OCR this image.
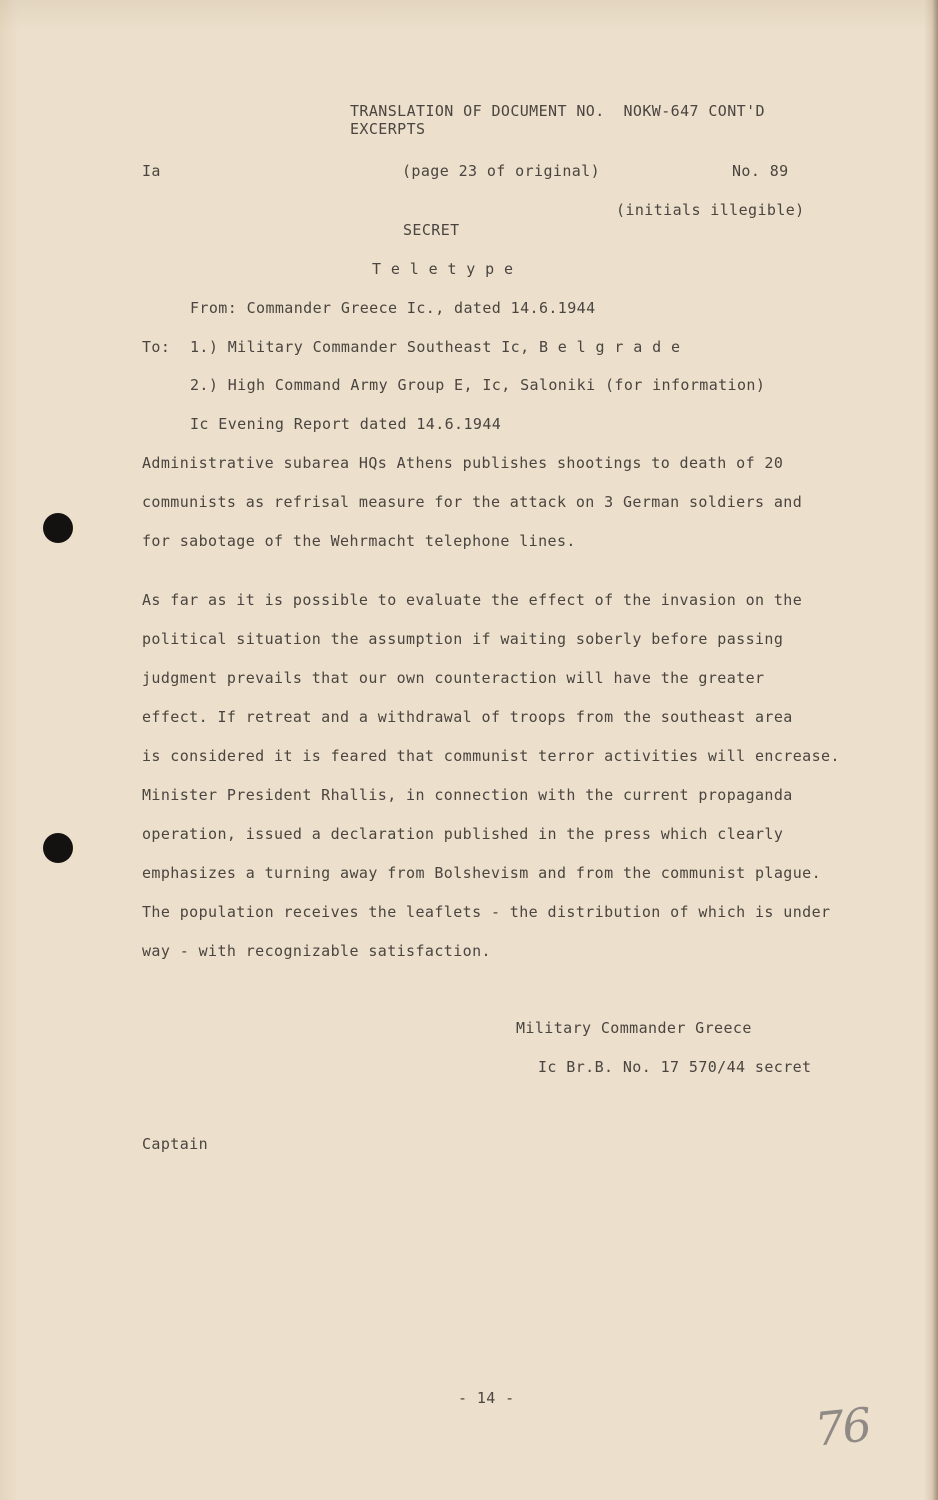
TRANSLATION OF DOCUMENT NO.  NOKW-647 CONT'D
EXCERPTS
Ia	(page 23 of original)	No. 89
(initials illegible)
SECRET
T e l e t y p e
From: Commander Greece Ic., dated 14.6.1944
To: 1.) Military Commander Southeast Ic, B e l g r a d e
2.) High Command Army Group E, Ic, Saloniki (for information)
Ic Evening Report dated 14.6.1944
Administrative subarea HQs Athens publishes shootings to death of 20
communists as refrisal measure for the attack on 3 German soldiers and
for sabotage of the Wehrmacht telephone lines.
As far as it is possible to evaluate the effect of the invasion on the
political situation the assumption if waiting soberly before passing
judgment prevails that our own counteraction will have the greater
effect. If retreat and a withdrawal of troops from the southeast area
is considered it is feared that communist terror activities will encrease.
Minister President Rhallis, in connection with the current propaganda
operation, issued a declaration published in the press which clearly
emphasizes a turning away from Bolshevism and from the communist plague.
The population receives the leaflets - the distribution of which is under
way - with recognizable satisfaction.
Military Commander Greece
Ic Br.B. No. 17 570/44 secret
Captain
- 14 -	76
